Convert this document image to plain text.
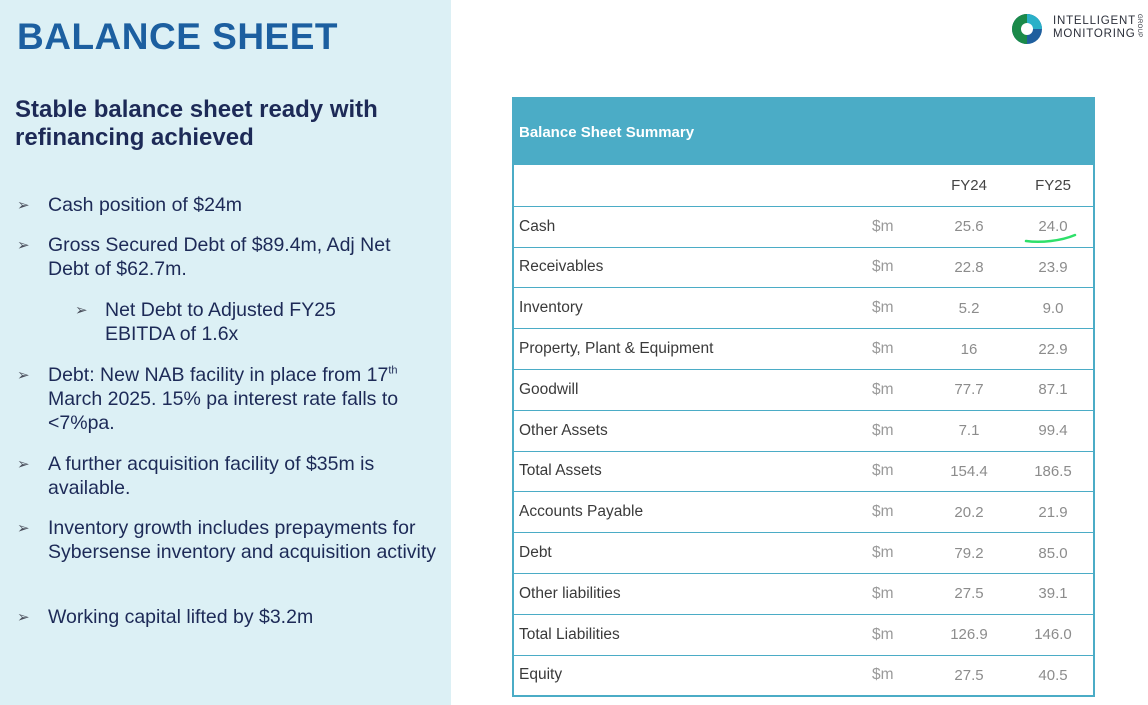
BALANCE SHEET
Stable balance sheet ready with refinancing achieved
➢ Cash position of $24m
➢ Gross Secured Debt of $89.4m, Adj Net Debt of $62.7m.
➢ Net Debt to Adjusted FY25 EBITDA of 1.6x
➢ Debt: New NAB facility in place from 17th March 2025. 15% pa interest rate falls to <7%pa.
➢ A further acquisition facility of $35m is available.
➢ Inventory growth includes prepayments for Sybersense inventory and acquisition activity
➢ Working capital lifted by $3.2m
INTELLIGENT
MONITORING GROUP
Balance Sheet Summary
FY24	FY25
Cash	$m	25.6	24.0
Receivables	$m	22.8	23.9
Inventory	$m	5.2	9.0
Property, Plant & Equipment	$m	16	22.9
Goodwill	$m	77.7	87.1
Other Assets	$m	7.1	99.4
Total Assets	$m	154.4	186.5
Accounts Payable	$m	20.2	21.9
Debt	$m	79.2	85.0
Other liabilities	$m	27.5	39.1
Total Liabilities	$m	126.9	146.0
Equity	$m	27.5	40.5
